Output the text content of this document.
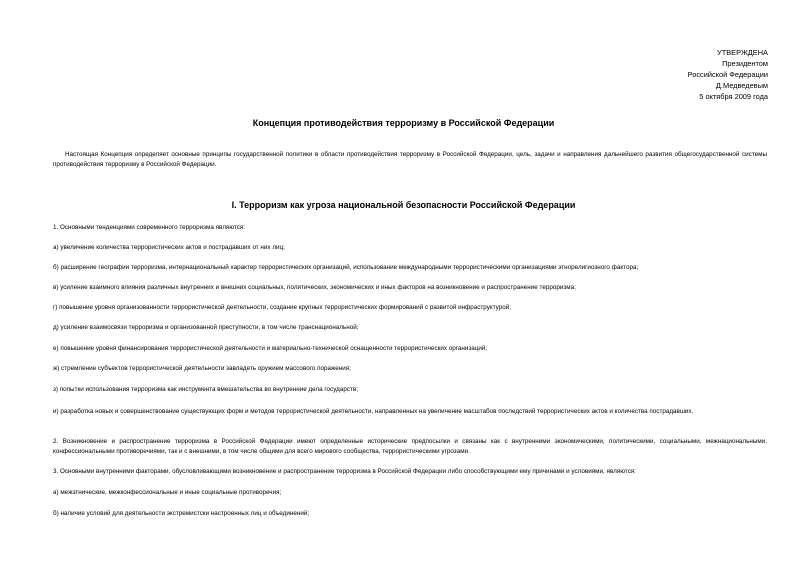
УТВЕРЖДЕНА
Президентом
Российской Федерации
Д.Медведевым
5 октября 2009 года
Концепция противодействия терроризму в Российской Федерации

Настоящая Концепция определяет основные принципы государственной политики в области противодействия терроризму в Российской Федерации, цель, задачи и направления дальнейшего развития общегосударственной системы противодействия терроризму в Российской Федерации.

I. Терроризм как угроза национальной безопасности Российской Федерации

1. Основными тенденциями современного терроризма являются:

а) увеличение количества террористических актов и пострадавших от них лиц;

б) расширение географии терроризма, интернациональный характер террористических организаций, использование международными террористическими организациями этнорелигиозного фактора;

в) усиление взаимного влияния различных внутренних и внешних социальных, политических, экономических и иных факторов на возникновение и распространение терроризма;

г) повышение уровня организованности террористической деятельности, создание крупных террористических формирований с развитой инфраструктурой;

д) усиление взаимосвязи терроризма и организованной преступности, в том числе транснациональной;

е) повышение уровня финансирования террористической деятельности и материально-технической оснащенности террористических организаций;

ж) стремление субъектов террористической деятельности завладеть оружием массового поражения;

з) попытки использования терроризма как инструмента вмешательства во внутренние дела государств;

и) разработка новых и совершенствование существующих форм и методов террористической деятельности, направленных на увеличение масштабов последствий террористических актов и количества пострадавших.

2. Возникновение и распространение терроризма в Российской Федерации имеют определенные исторические предпосылки и связаны как с внутренними экономическими, политическими, социальными, межнациональными, конфессиональными противоречиями, так и с внешними, в том числе общими для всего мирового сообщества, террористическими угрозами.

3. Основными внутренними факторами, обусловливающими возникновение и распространение терроризма в Российской Федерации либо способствующими ему причинами и условиями, являются:

а) межэтнические, межконфессиональные и иные социальные противоречия;

б) наличие условий для деятельности экстремистски настроенных лиц и объединений;
